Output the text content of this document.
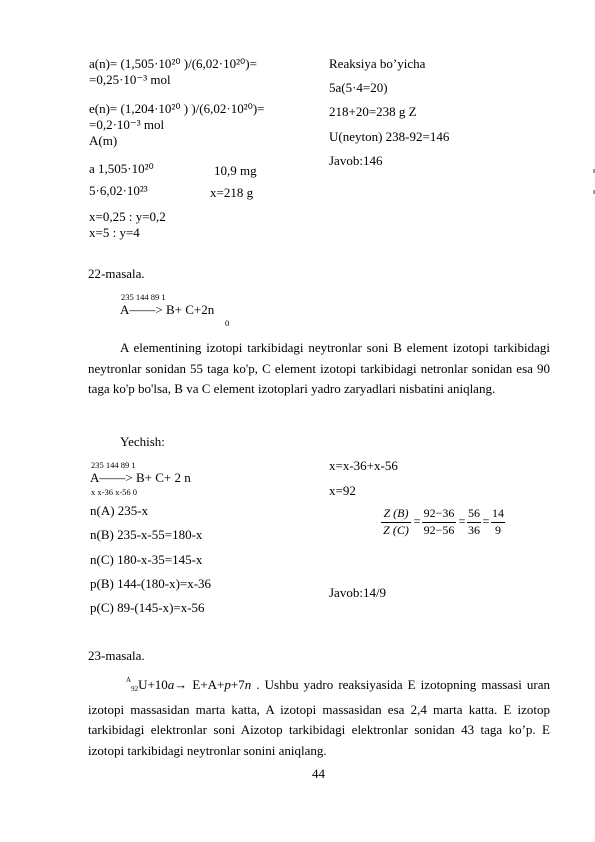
a(n)= (1,505·10²⁰ )/(6,02·10²⁰)=
=0,25·10⁻³ mol
e(n)= (1,204·10²⁰ ) )/(6,02·10²⁰)=
=0,2·10⁻³ mol
A(m)
a 1,505·10²⁰	10,9 mg
5·6,02·10²³	x=218 g
x=0,25 : y=0,2
x=5 : y=4
Reaksiya bo’yicha
5a(5·4=20)
218+20=238 g Z
U(neyton) 238-92=146
Javob:146
22-masala.
235 144 89 1
A——> B+ C+2n
0
A elementining izotopi tarkibidagi neytronlar soni B element izotopi tarkibidagi neytronlar sonidan 55 taga ko'p, C element izotopi tarkibidagi netronlar sonidan esa 90 taga ko'p bo'lsa, B va C element izotoplari yadro zaryadlari nisbatini aniqlang.
Yechish:
235 144 89 1
A——> B+ C+ 2 n
x x-36 x-56 0
n(A) 235-x
n(B) 235-x-55=180-x
n(C) 180-x-35=145-x
p(B) 144-(180-x)=x-36
p(C) 89-(145-x)=x-56
x=x-36+x-56
x=92
Z (B)
Z (C)
=
92−36
92−56
=
56
36
=
14
9
Javob:14/9
23-masala.
$^A_{92}$U+10a→ E+A+p+7n . Ushbu yadro reaksiyasida E izotopning massasi uran izotopi massasidan marta katta, A izotopi massasidan esa 2,4 marta katta. E izotop tarkibidagi elektronlar soni Aizotop tarkibidagi elektronlar sonidan 43 taga ko’p. E izotopi tarkibidagi neytronlar sonini aniqlang.
44
